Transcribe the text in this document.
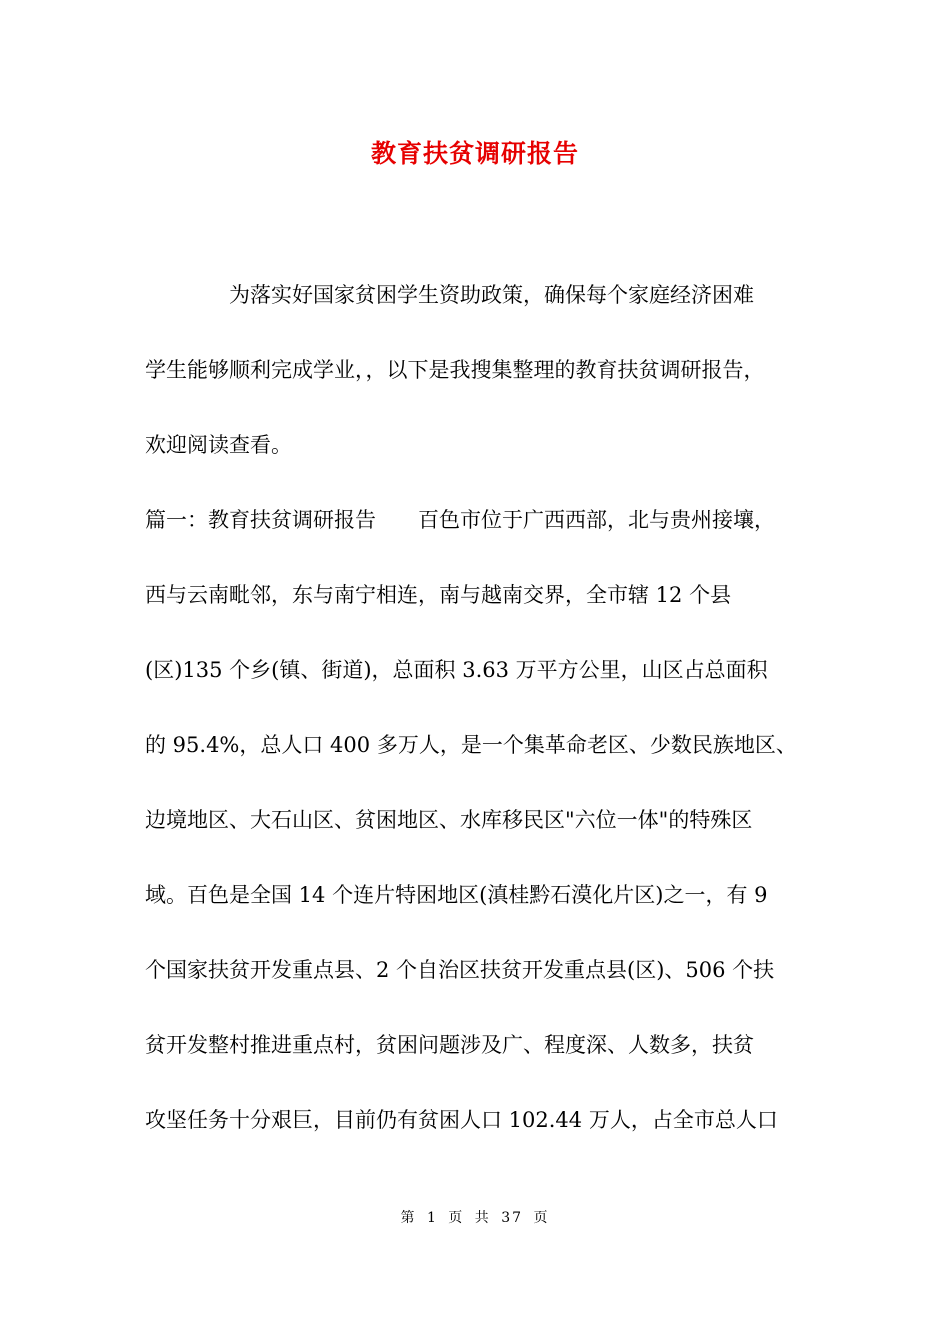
教育扶贫调研报告
为落实好国家贫困学生资助政策，确保每个家庭经济困难
学生能够顺利完成学业，，以下是我搜集整理的教育扶贫调研报告，
欢迎阅读查看。
篇一：教育扶贫调研报告 百色市位于广西西部，北与贵州接壤，
西与云南毗邻，东与南宁相连，南与越南交界，全市辖 12 个县
(区)135 个乡(镇、街道)，总面积 3.63 万平方公里，山区占总面积
的 95.4%，总人口 400 多万人，是一个集革命老区、少数民族地区、
边境地区、大石山区、贫困地区、水库移民区"六位一体"的特殊区
域。百色是全国 14 个连片特困地区(滇桂黔石漠化片区)之一，有 9
个国家扶贫开发重点县、2 个自治区扶贫开发重点县(区)、506 个扶
贫开发整村推进重点村，贫困问题涉及广、程度深、人数多，扶贫
攻坚任务十分艰巨，目前仍有贫困人口 102.44 万人，占全市总人口
第 1 页 共 37 页
